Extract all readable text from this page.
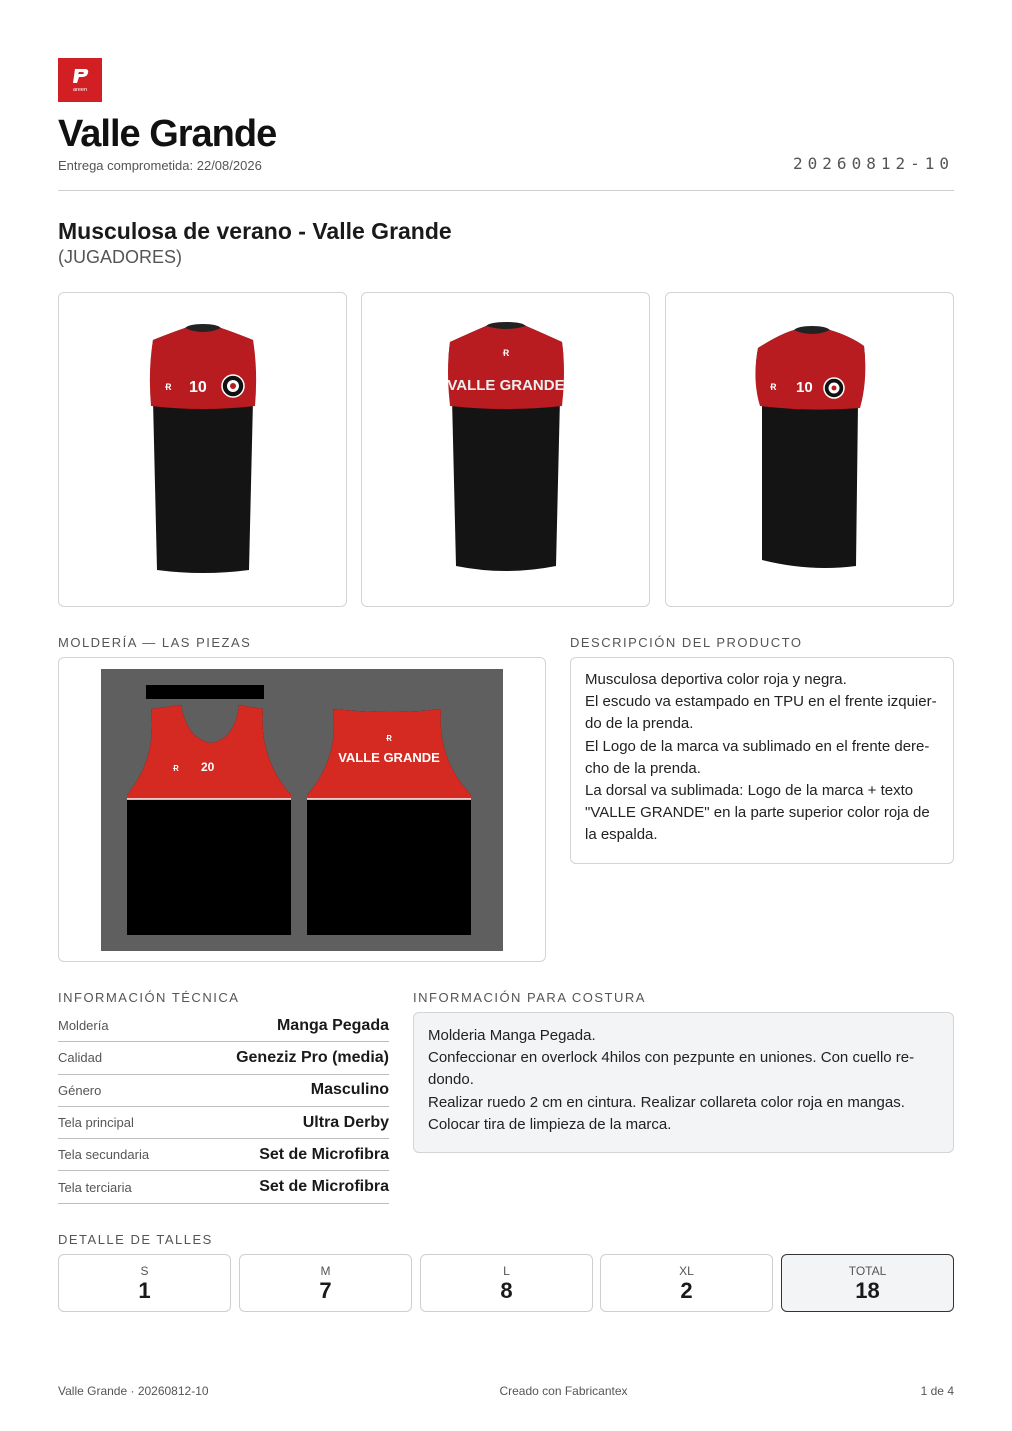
areen
Valle Grande
Entrega comprometida: 22/08/2026	20260812-10
Musculosa de verano - Valle Grande
(JUGADORES)
Ɍ 10
Ɍ
VALLE GRANDE	Ɍ 10
MOLDERÍA — LAS PIEZAS
Ɍ 20
Ɍ
VALLE GRANDE
DESCRIPCIÓN DEL PRODUCTO
Musculosa deportiva color roja y negra.
El escudo va estampado en TPU en el frente izquier-
do de la prenda.
El Logo de la marca va sublimado en el frente dere-
cho de la prenda.
La dorsal va sublimada: Logo de la marca + texto
"VALLE GRANDE" en la parte superior color roja de
la espalda.
INFORMACIÓN TÉCNICA
Moldería	Manga Pegada
Calidad	Geneziz Pro (media)
Género	Masculino
Tela principal	Ultra Derby
Tela secundaria	Set de Microfibra
Tela terciaria	Set de Microfibra
INFORMACIÓN PARA COSTURA
Molderia Manga Pegada.
Confeccionar en overlock 4hilos con pezpunte en uniones. Con cuello re-
dondo.
Realizar ruedo 2 cm en cintura. Realizar collareta color roja en mangas.
Colocar tira de limpieza de la marca.
DETALLE DE TALLES
S
1
M
7
L
8
XL
2
TOTAL
18
Valle Grande · 20260812-10	Creado con Fabricantex	1 de 4
